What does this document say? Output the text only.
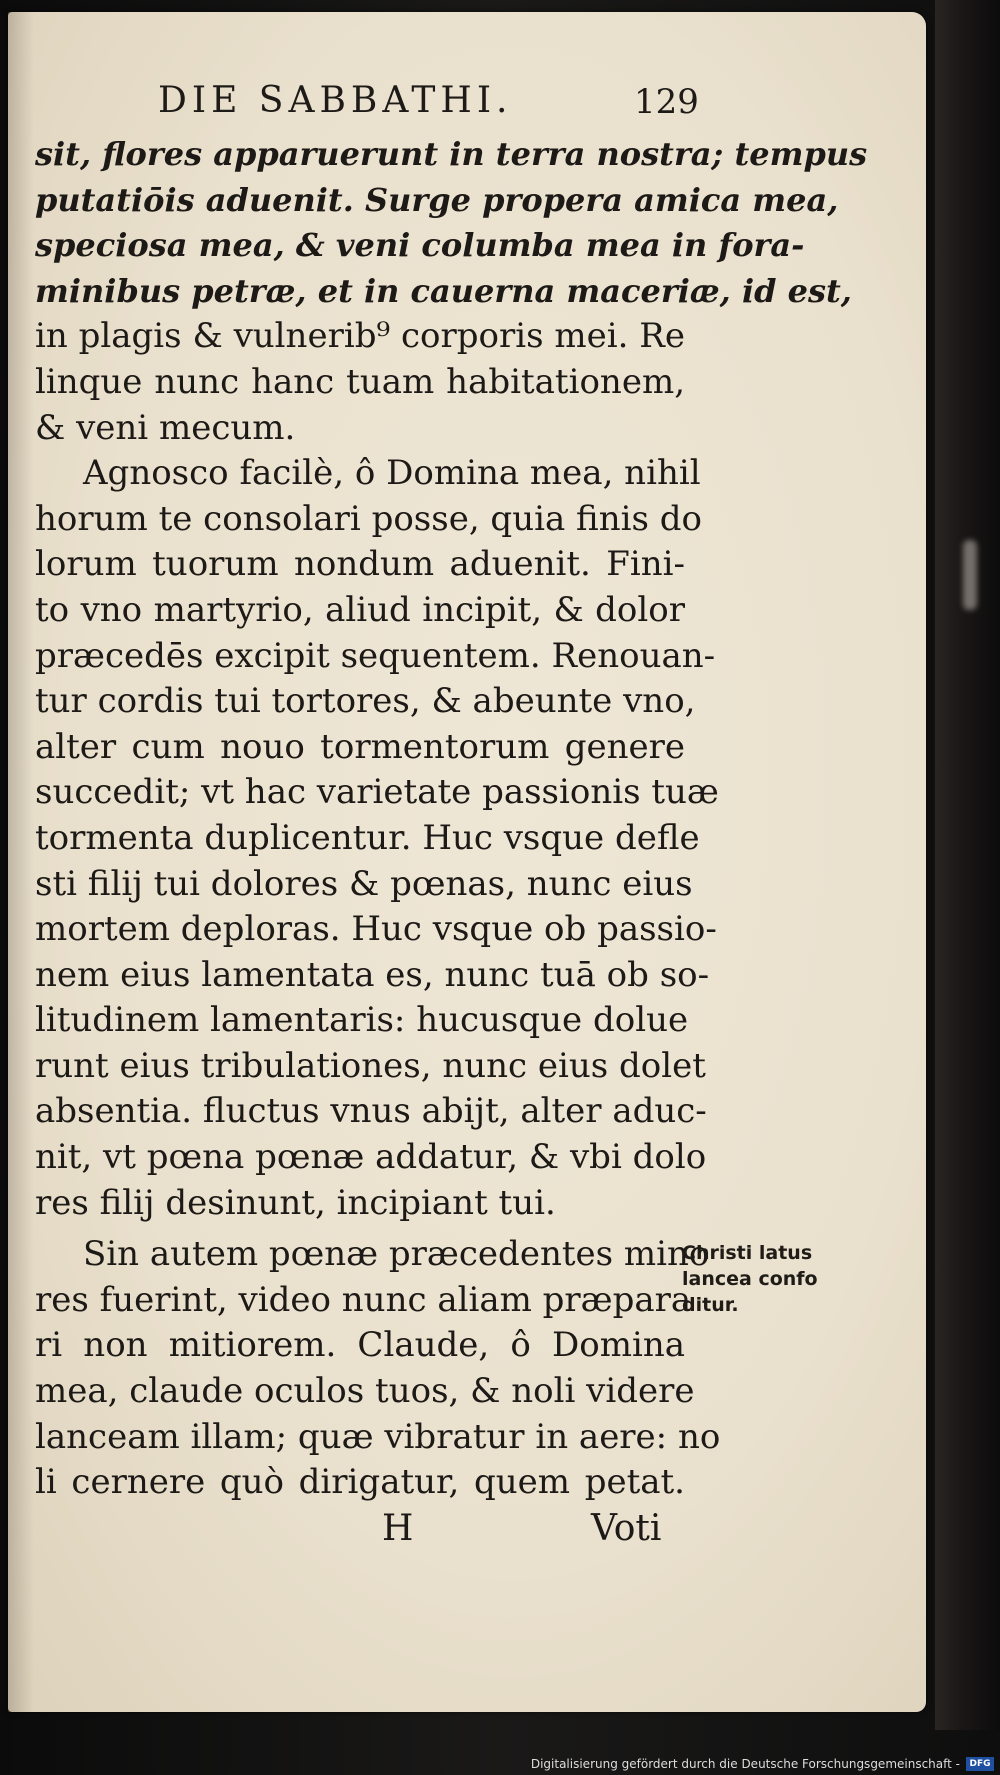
DIE SABBATHI.	129
sit, flores apparuerunt in terra nostra; tempus
putatiōis aduenit. Surge propera amica mea,
speciosa mea, & veni columba mea in fora-
minibus petræ, et in cauerna maceriæ, id est,
in plagis & vulnerib⁹ corporis mei. Re
linque nunc hanc tuam habitationem,
& veni mecum.
Agnosco facilè, ô Domina mea, nihil
horum te consolari posse, quia finis do
lorum tuorum nondum aduenit. Fini-
to vno martyrio, aliud incipit, & dolor
præcedēs excipit sequentem. Renouan-
tur cordis tui tortores, & abeunte vno,
alter cum nouo tormentorum genere
succedit; vt hac varietate passionis tuæ
tormenta duplicentur. Huc vsque defle
sti filij tui dolores & pœnas, nunc eius
mortem deploras. Huc vsque ob passio-
nem eius lamentata es, nunc tuā ob so-
litudinem lamentaris: hucusque dolue
runt eius tribulationes, nunc eius dolet
absentia. fluctus vnus abijt, alter aduc-
nit, vt pœna pœnæ addatur, & vbi dolo
res filij desinunt, incipiant tui.
Sin autem pœnæ præcedentes mino
res fuerint, video nunc aliam præpara
ri non mitiorem. Claude, ô Domina
mea, claude oculos tuos, & noli videre
lanceam illam; quæ vibratur in aere: no
li cernere quò dirigatur, quem petat.
Christi latus
lancea confo
ditur.
H	Voti
Digitalisierung gefördert durch die Deutsche Forschungsgemeinschaft -	DFG
